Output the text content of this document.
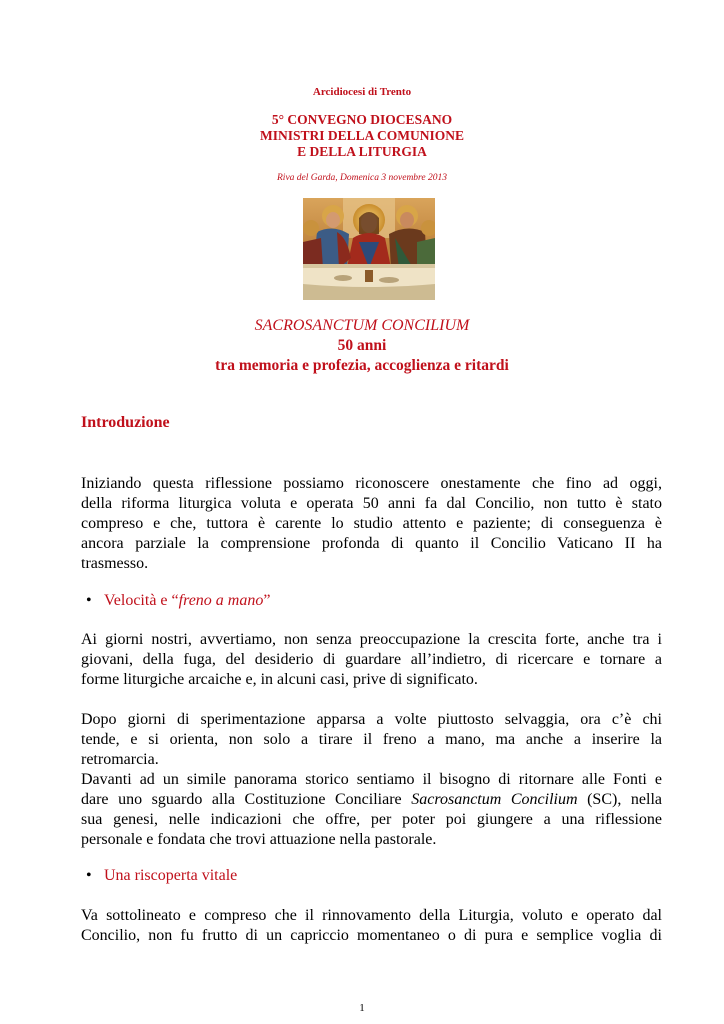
Arcidiocesi di Trento
5° CONVEGNO DIOCESANO
MINISTRI DELLA COMUNIONE
E DELLA LITURGIA
Riva del Garda, Domenica 3 novembre 2013
SACROSANCTUM CONCILIUM
50 anni
tra memoria e profezia, accoglienza e ritardi
Introduzione
Iniziando questa riflessione possiamo riconoscere onestamente che fino ad oggi,
della riforma liturgica voluta e operata 50 anni fa dal Concilio, non tutto è stato
compreso e che, tuttora è carente lo studio attento e paziente; di conseguenza è
ancora parziale la comprensione profonda di quanto il Concilio Vaticano II ha
trasmesso.
• Velocità e “freno a mano”
Ai giorni nostri, avvertiamo, non senza preoccupazione la crescita forte, anche tra i
giovani, della fuga, del desiderio di guardare all’indietro, di ricercare e tornare a
forme liturgiche arcaiche e, in alcuni casi, prive di significato.
Dopo giorni di sperimentazione apparsa a volte piuttosto selvaggia, ora c’è chi
tende, e si orienta, non solo a tirare il freno a mano, ma anche a inserire la
retromarcia.
Davanti ad un simile panorama storico sentiamo il bisogno di ritornare alle Fonti e
dare uno sguardo alla Costituzione Conciliare Sacrosanctum Concilium (SC), nella
sua genesi, nelle indicazioni che offre, per poter poi giungere a una riflessione
personale e fondata che trovi attuazione nella pastorale.
• Una riscoperta vitale
Va sottolineato e compreso che il rinnovamento della Liturgia, voluto e operato dal
Concilio, non fu frutto di un capriccio momentaneo o di pura e semplice voglia di
1
